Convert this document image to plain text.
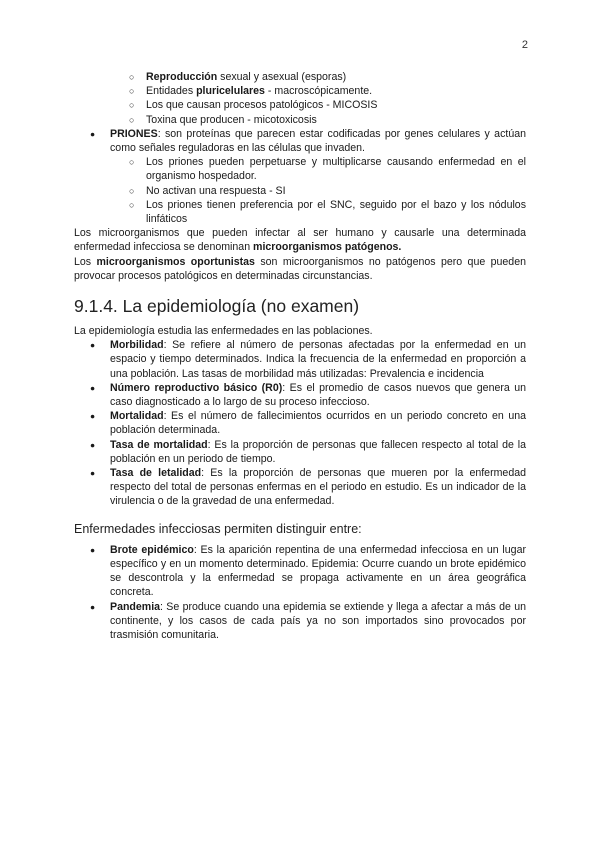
2
○ Reproducción sexual y asexual (esporas)
○ Entidades pluricelulares - macroscópicamente.
○ Los que causan procesos patológicos - MICOSIS
○ Toxina que producen - micotoxicosis
● PRIONES: son proteínas que parecen estar codificadas por genes celulares y actúan como señales reguladoras en las células que invaden.
○ Los priones pueden perpetuarse y multiplicarse causando enfermedad en el organismo hospedador.
○ No activan una respuesta - SI
○ Los priones tienen preferencia por el SNC, seguido por el bazo y los nódulos linfáticos

Los microorganismos que pueden infectar al ser humano y causarle una determinada enfermedad infecciosa se denominan microorganismos patógenos.

Los microorganismos oportunistas son microorganismos no patógenos pero que pueden provocar procesos patológicos en determinadas circunstancias.

9.1.4. La epidemiología (no examen)

La epidemiología estudia las enfermedades en las poblaciones.

● Morbilidad: Se refiere al número de personas afectadas por la enfermedad en un espacio y tiempo determinados. Indica la frecuencia de la enfermedad en proporción a una población. Las tasas de morbilidad más utilizadas: Prevalencia e incidencia
● Número reproductivo básico (R0): Es el promedio de casos nuevos que genera un caso diagnosticado a lo largo de su proceso infeccioso.
● Mortalidad: Es el número de fallecimientos ocurridos en un periodo concreto en una población determinada.
● Tasa de mortalidad: Es la proporción de personas que fallecen respecto al total de la población en un periodo de tiempo.
● Tasa de letalidad: Es la proporción de personas que mueren por la enfermedad respecto del total de personas enfermas en el periodo en estudio. Es un indicador de la virulencia o de la gravedad de una enfermedad.
Enfermedades infecciosas permiten distinguir entre:
● Brote epidémico: Es la aparición repentina de una enfermedad infecciosa en un lugar específico y en un momento determinado. Epidemia: Ocurre cuando un brote epidémico se descontrola y la enfermedad se propaga activamente en un área geográfica concreta.
● Pandemia: Se produce cuando una epidemia se extiende y llega a afectar a más de un continente, y los casos de cada país ya no son importados sino provocados por trasmisión comunitaria.
